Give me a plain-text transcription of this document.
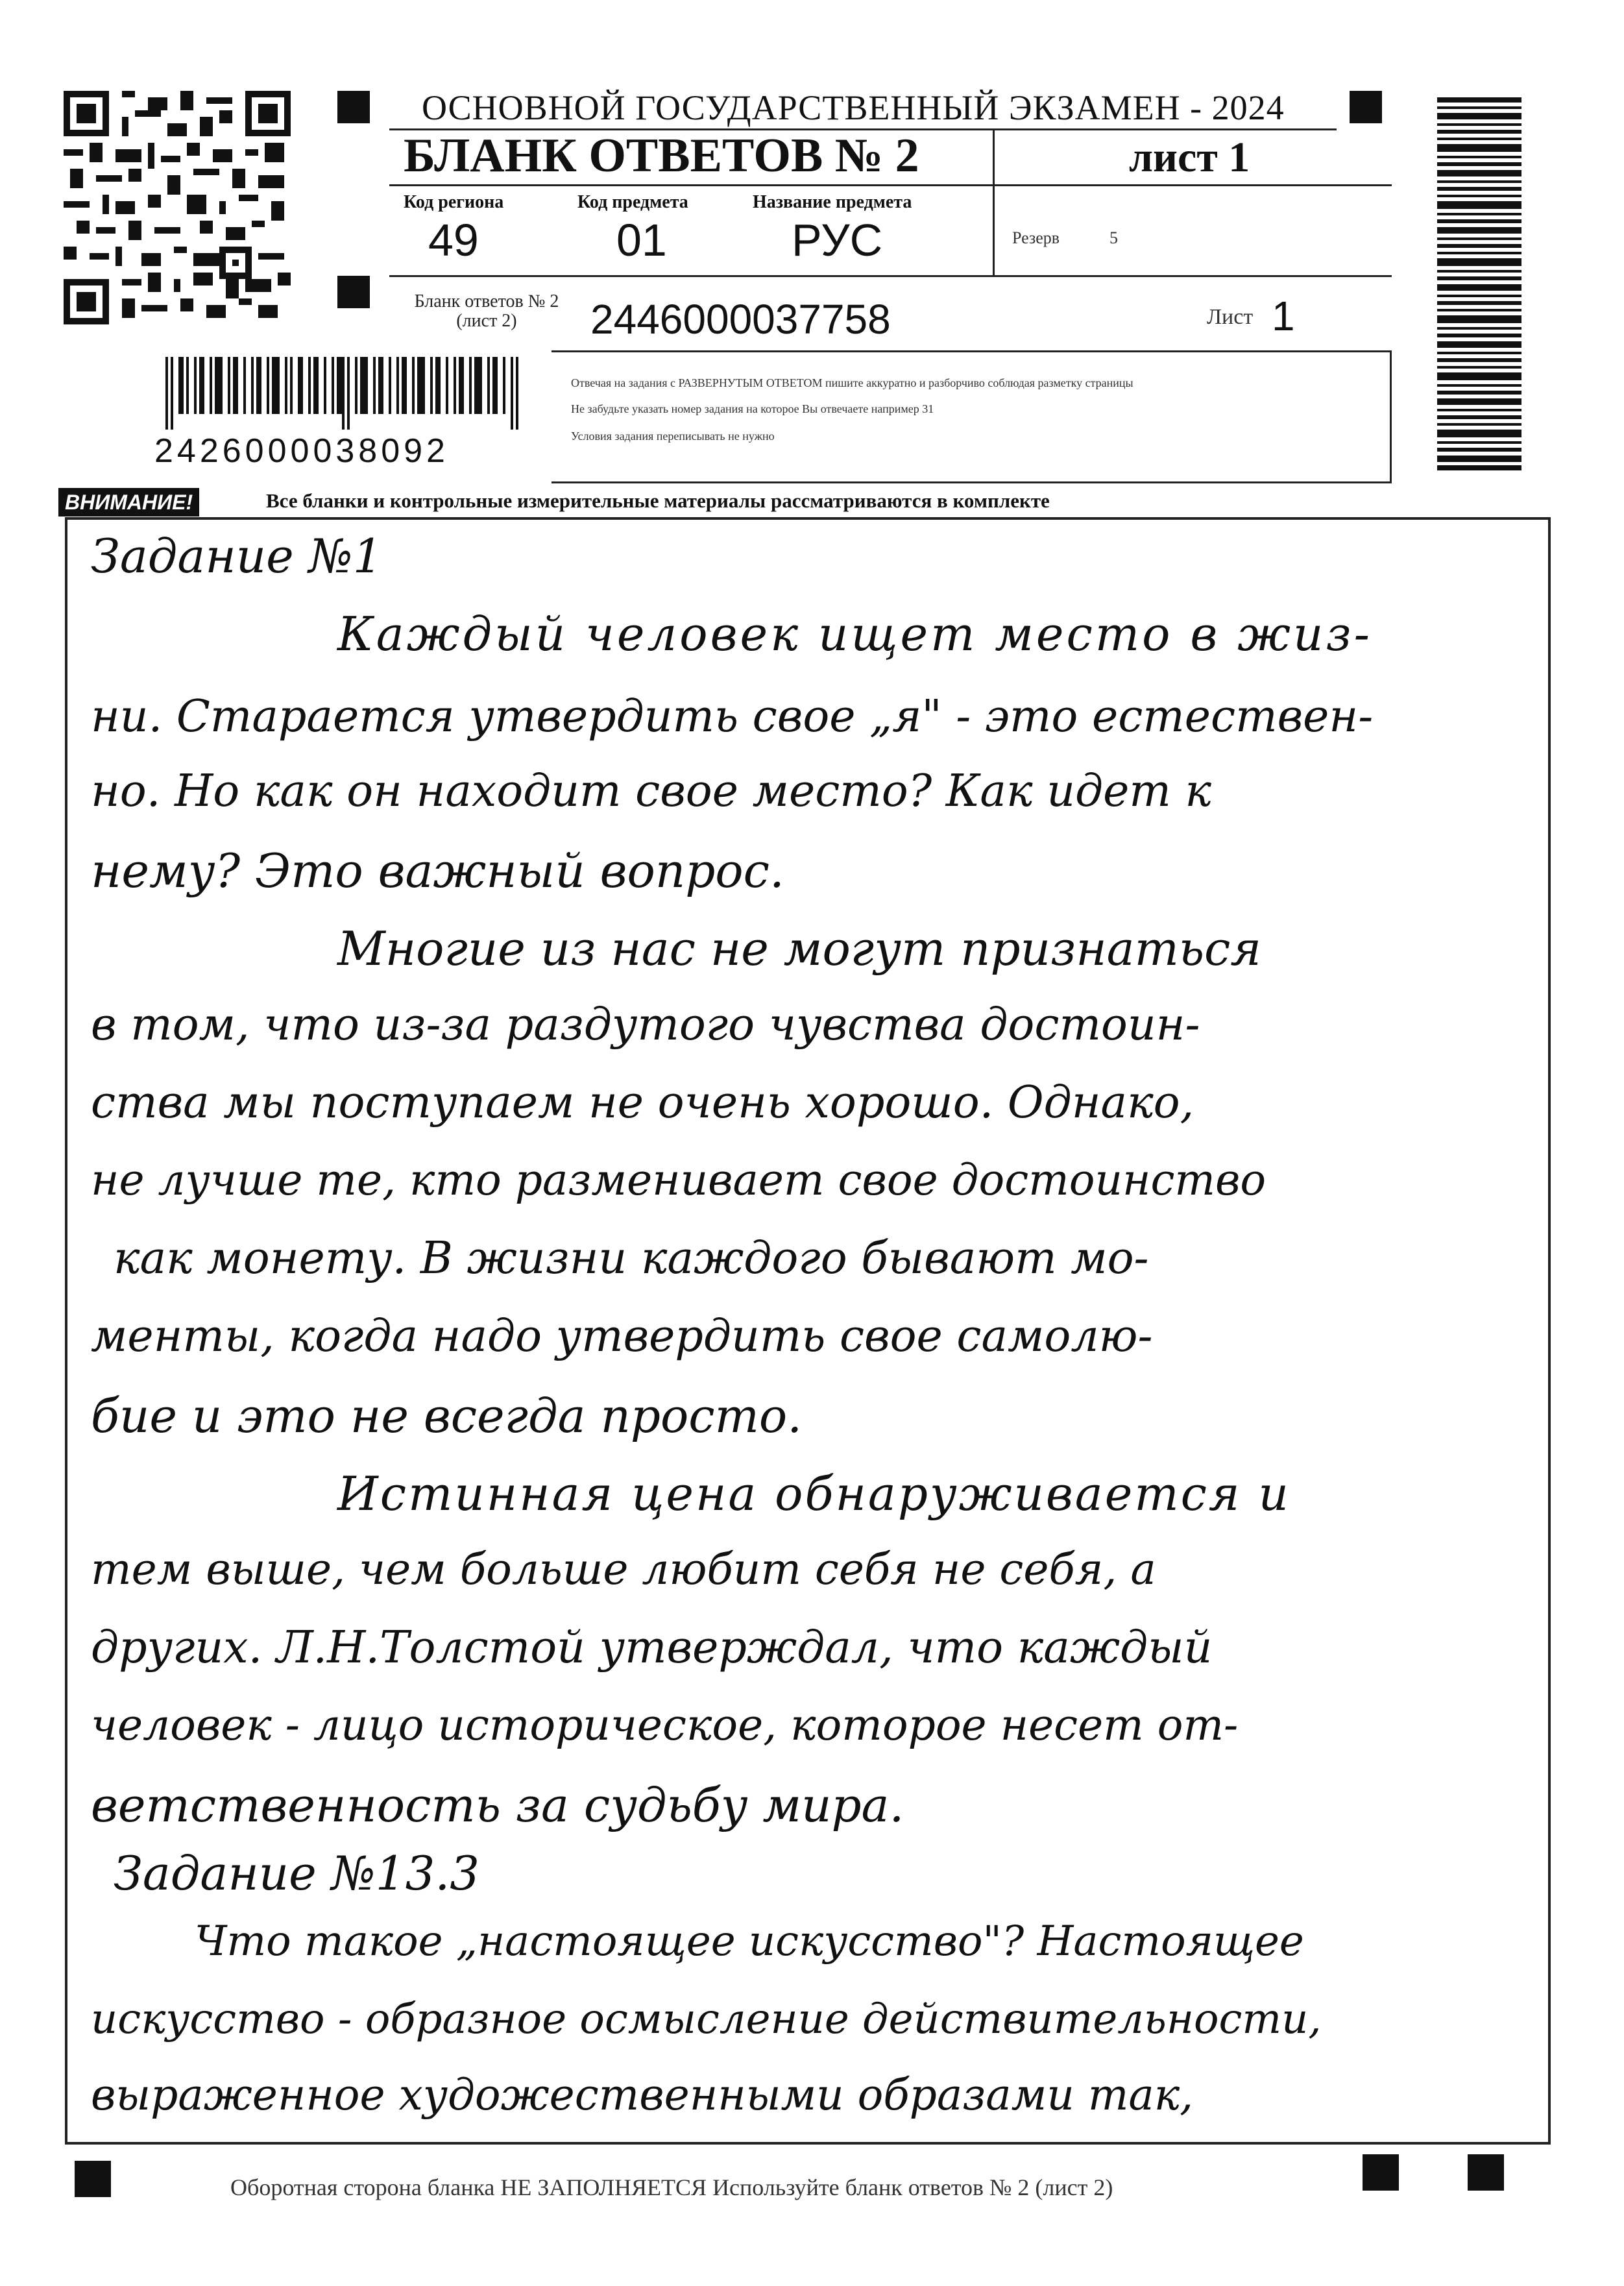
ОСНОВНОЙ ГОСУДАРСТВЕННЫЙ ЭКЗАМЕН - 2024
БЛАНК ОТВЕТОВ № 2	лист 1
Код региона
49
Код предмета
01
Название предмета
РУС	Резерв	5
Бланк ответов № 2
(лист 2)	2446000037758	Лист 1
Отвечая на задания с РАЗВЕРНУТЫМ ОТВЕТОМ пишите аккуратно и разборчиво соблюдая разметку страницы
Не забудьте указать номер задания на которое Вы отвечаете например 31
Условия задания переписывать не нужно
2426000038092
ВНИМАНИЕ!	Все бланки и контрольные измерительные материалы рассматриваются в комплекте
Задание №1
Каждый человек ищет место в жиз-
ни. Старается утвердить свое „я" - это естествен-
но. Но как он находит свое место? Как идет к
нему? Это важный вопрос.
Многие из нас не могут признаться
в том, что из-за раздутого чувства достоин-
ства мы поступаем не очень хорошо. Однако,
не лучше те, кто разменивает свое достоинство
как монету. В жизни каждого бывают мо-
менты, когда надо утвердить свое самолю-
бие и это не всегда просто.
Истинная цена обнаруживается и
тем выше, чем больше любит себя не себя, а
других. Л.Н.Толстой утверждал, что каждый
человек - лицо историческое, которое несет от-
ветственность за судьбу мира.
Задание №13.3
Что такое „настоящее искусство"? Настоящее
искусство - образное осмысление действительности,
выраженное художественными образами так,
Оборотная сторона бланка НЕ ЗАПОЛНЯЕТСЯ Используйте бланк ответов № 2 (лист 2)
